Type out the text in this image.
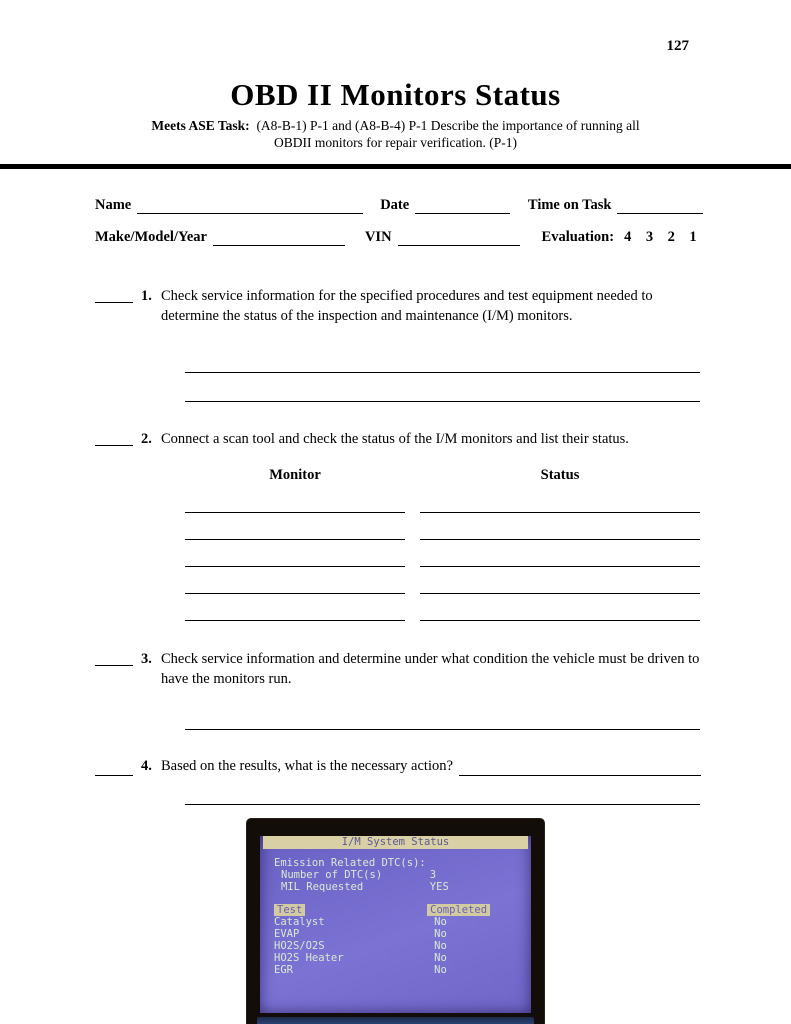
127
OBD II Monitors Status
Meets ASE Task: (A8-B-1) P-1 and (A8-B-4) P-1 Describe the importance of running all
OBDII monitors for repair verification. (P-1)
Name	Date	Time on Task
Make/Model/Year	VIN	Evaluation: 4    3    2    1
1. Check service information for the specified procedures and test equipment needed to determine the status of the inspection and maintenance (I/M) monitors.
2. Connect a scan tool and check the status of the I/M monitors and list their status.
Monitor	Status
3. Check service information and determine under what condition the vehicle must be driven to have the monitors run.
4. Based on the results, what is the necessary action?
I/M System Status
Emission Related DTC(s):
Number of DTC(s)	3
MIL Requested	YES
Test	Completed
Catalyst	No
EVAP	No
HO2S/O2S	No
HO2S Heater	No
EGR	No
